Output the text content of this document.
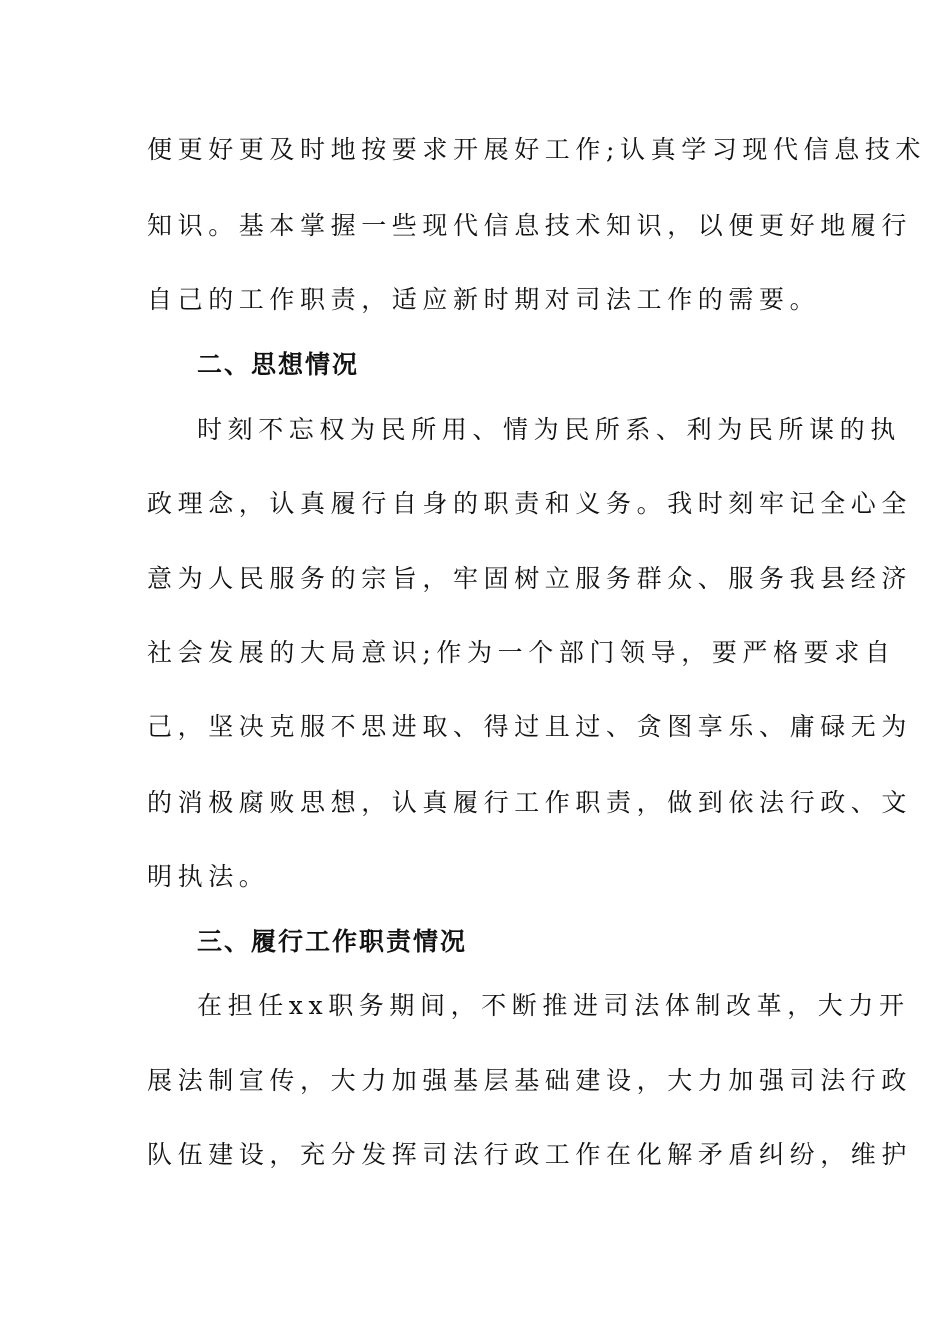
便更好更及时地按要求开展好工作;认真学习现代信息技术
知识。基本掌握一些现代信息技术知识，以便更好地履行
自己的工作职责，适应新时期对司法工作的需要。
二、思想情况
时刻不忘权为民所用、情为民所系、利为民所谋的执
政理念，认真履行自身的职责和义务。我时刻牢记全心全
意为人民服务的宗旨，牢固树立服务群众、服务我县经济
社会发展的大局意识;作为一个部门领导，要严格要求自
己，坚决克服不思进取、得过且过、贪图享乐、庸碌无为
的消极腐败思想，认真履行工作职责，做到依法行政、文
明执法。
三、履行工作职责情况
在担任xx职务期间，不断推进司法体制改革，大力开
展法制宣传，大力加强基层基础建设，大力加强司法行政
队伍建设，充分发挥司法行政工作在化解矛盾纠纷，维护
